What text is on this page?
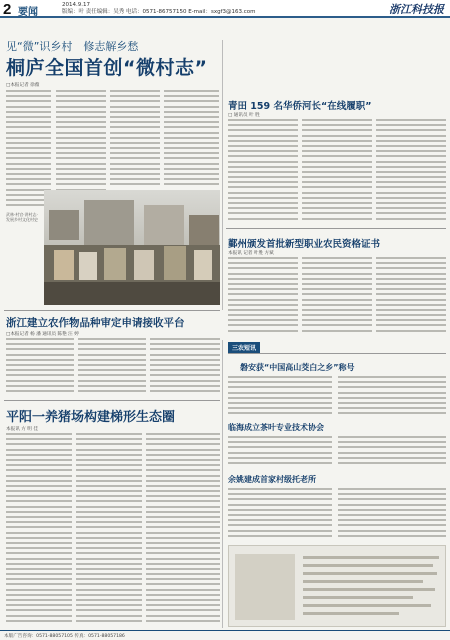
2 要闻
2014.9.17
版编：叶 责任编辑：吴秀 电话：0571-86757150 E-mail：sxgf3@163.com	浙江科技报
见“微”识乡村　修志解乡愁
桐庐全国首创“微村志”
□本报记者 徐薇
武林·村官·讲村志·发展乡村文化村史
青田 159 名华侨河长“在线履职”
□ 通讯员 叶 胜
鄞州颁发首批新型职业农民资格证书
本报讯 记者 叶胜 方斌
浙江建立农作物品种审定申请接收平台
□本报记者 杨 潘 通讯员 陈艳 汪 婷
平阳一养猪场构建梯形生态圈
本报讯 方 明 佳
三农短讯
磐安获“中国高山茭白之乡”称号
临海成立茶叶专业技术协会
余姚建成首家村级托老所
本版广告咨询：0571-88057105 传真：0571-88057186
